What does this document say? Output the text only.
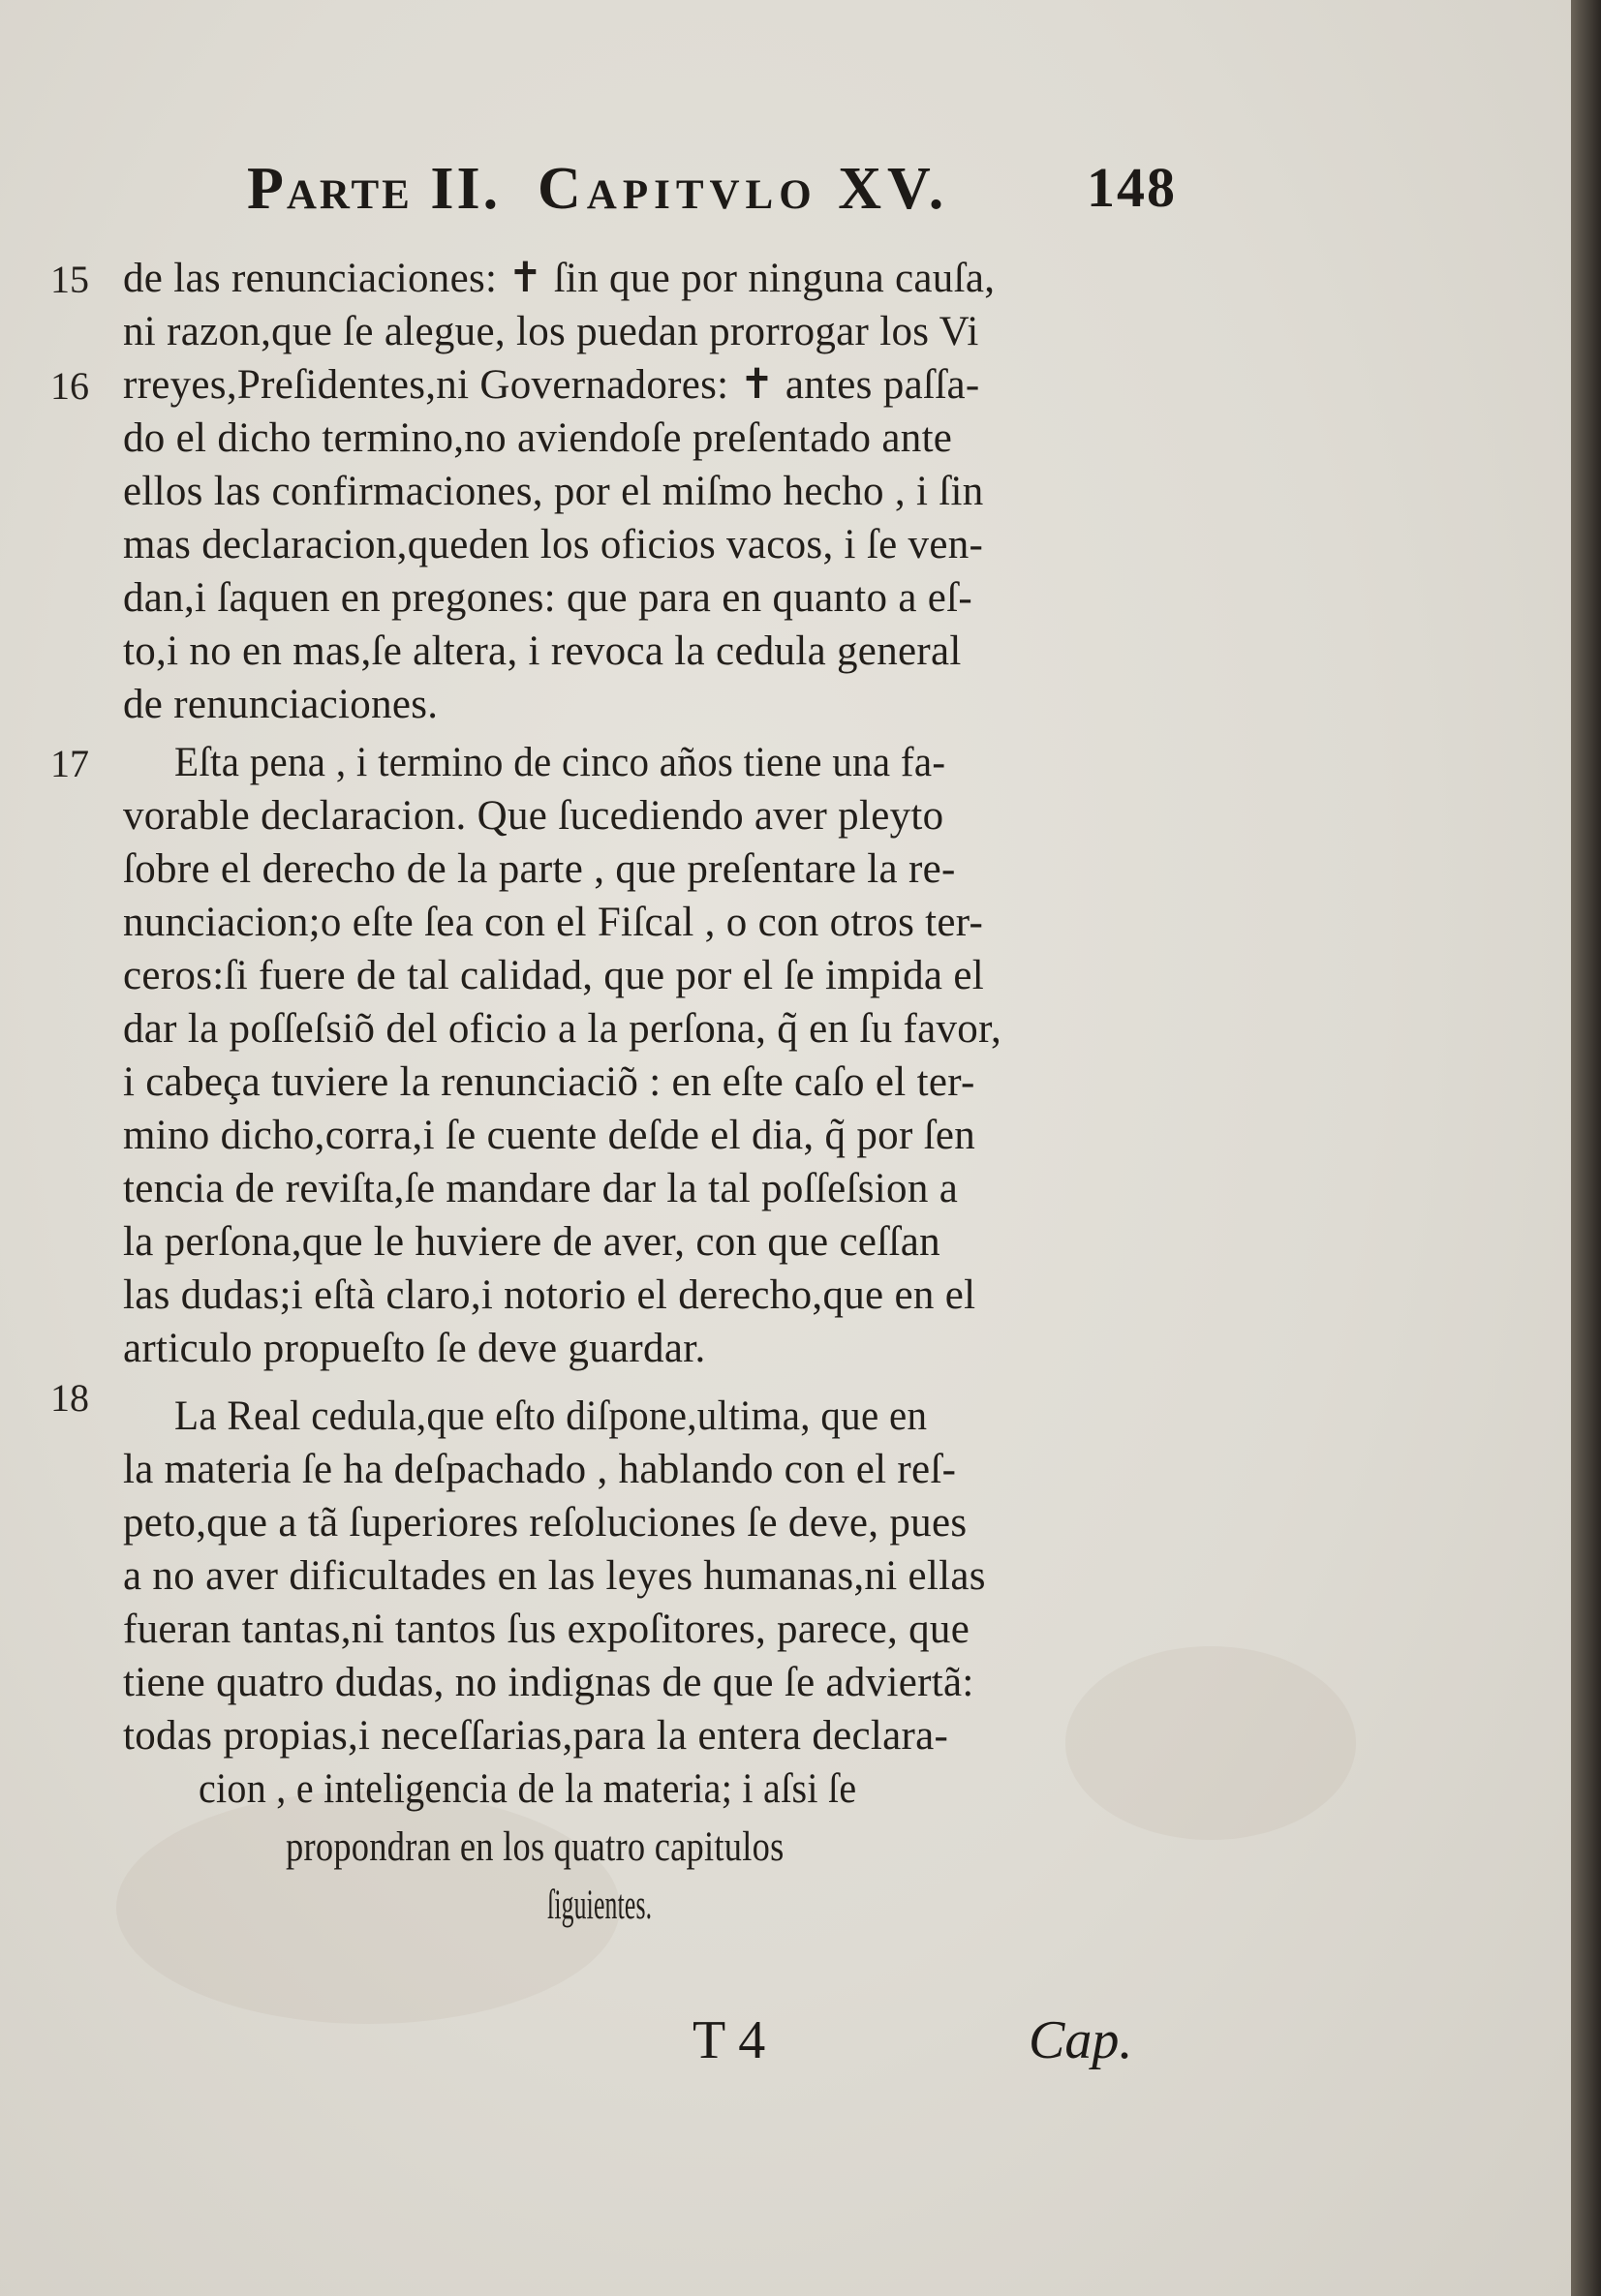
Parte II. Capitvlo XV. 148
15
16
17
18
de las renunciaciones: ✝ ſin que por ninguna cauſa,
ni razon,que ſe alegue, los puedan prorrogar los Vi
rreyes,Preſidentes,ni Governadores: ✝ antes paſſa-
do el dicho termino,no aviendoſe preſentado ante
ellos las confirmaciones, por el miſmo hecho , i ſin
mas declaracion,queden los oficios vacos, i ſe ven-
dan,i ſaquen en pregones: que para en quanto a eſ-
to,i no en mas,ſe altera, i revoca la cedula general
de renunciaciones.
Eſta pena , i termino de cinco años tiene una fa-
vorable declaracion. Que ſucediendo aver pleyto
ſobre el derecho de la parte , que preſentare la re-
nunciacion;o eſte ſea con el Fiſcal , o con otros ter-
ceros:ſi fuere de tal calidad, que por el ſe impida el
dar la poſſeſsiõ del oficio a la perſona, q̃ en ſu favor,
i cabeça tuviere la renunciaciõ : en eſte caſo el ter-
mino dicho,corra,i ſe cuente deſde el dia, q̃ por ſen
tencia de reviſta,ſe mandare dar la tal poſſeſsion a
la perſona,que le huviere de aver, con que ceſſan
las dudas;i eſtà claro,i notorio el derecho,que en el
articulo propueſto ſe deve guardar.
La Real cedula,que eſto diſpone,ultima, que en
la materia ſe ha deſpachado , hablando con el reſ-
peto,que a tã ſuperiores reſoluciones ſe deve, pues
a no aver dificultades en las leyes humanas,ni ellas
fueran tantas,ni tantos ſus expoſitores, parece, que
tiene quatro dudas, no indignas de que ſe adviertã:
todas propias,i neceſſarias,para la entera declara-
cion , e inteligencia de la materia; i aſsi ſe
propondran en los quatro capitulos
ſiguientes.
T 4	Cap.
